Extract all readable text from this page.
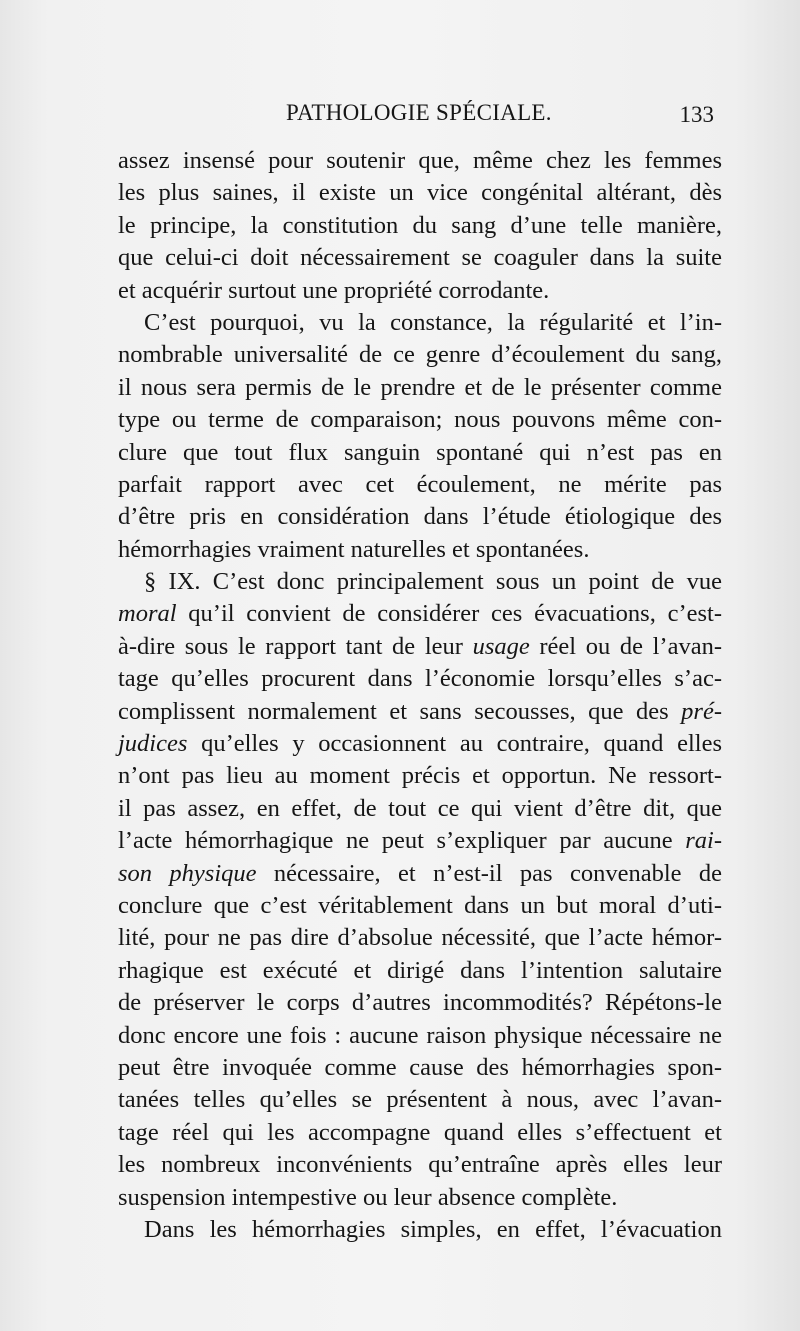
PATHOLOGIE SPÉCIALE.	133
assez insensé pour soutenir que, même chez les femmes
les plus saines, il existe un vice congénital altérant, dès
le principe, la constitution du sang d’une telle manière,
que celui-ci doit nécessairement se coaguler dans la suite
et acquérir surtout une propriété corrodante.
C’est pourquoi, vu la constance, la régularité et l’in-
nombrable universalité de ce genre d’écoulement du sang,
il nous sera permis de le prendre et de le présenter comme
type ou terme de comparaison; nous pouvons même con-
clure que tout flux sanguin spontané qui n’est pas en
parfait rapport avec cet écoulement, ne mérite pas
d’être pris en considération dans l’étude étiologique des
hémorrhagies vraiment naturelles et spontanées.
§ IX. C’est donc principalement sous un point de vue
moral qu’il convient de considérer ces évacuations, c’est-
à-dire sous le rapport tant de leur usage réel ou de l’avan-
tage qu’elles procurent dans l’économie lorsqu’elles s’ac-
complissent normalement et sans secousses, que des pré-
judices qu’elles y occasionnent au contraire, quand elles
n’ont pas lieu au moment précis et opportun. Ne ressort-
il pas assez, en effet, de tout ce qui vient d’être dit, que
l’acte hémorrhagique ne peut s’expliquer par aucune rai-
son physique nécessaire, et n’est-il pas convenable de
conclure que c’est véritablement dans un but moral d’uti-
lité, pour ne pas dire d’absolue nécessité, que l’acte hémor-
rhagique est exécuté et dirigé dans l’intention salutaire
de préserver le corps d’autres incommodités? Répétons-le
donc encore une fois : aucune raison physique nécessaire ne
peut être invoquée comme cause des hémorrhagies spon-
tanées telles qu’elles se présentent à nous, avec l’avan-
tage réel qui les accompagne quand elles s’effectuent et
les nombreux inconvénients qu’entraîne après elles leur
suspension intempestive ou leur absence complète.
Dans les hémorrhagies simples, en effet, l’évacuation
